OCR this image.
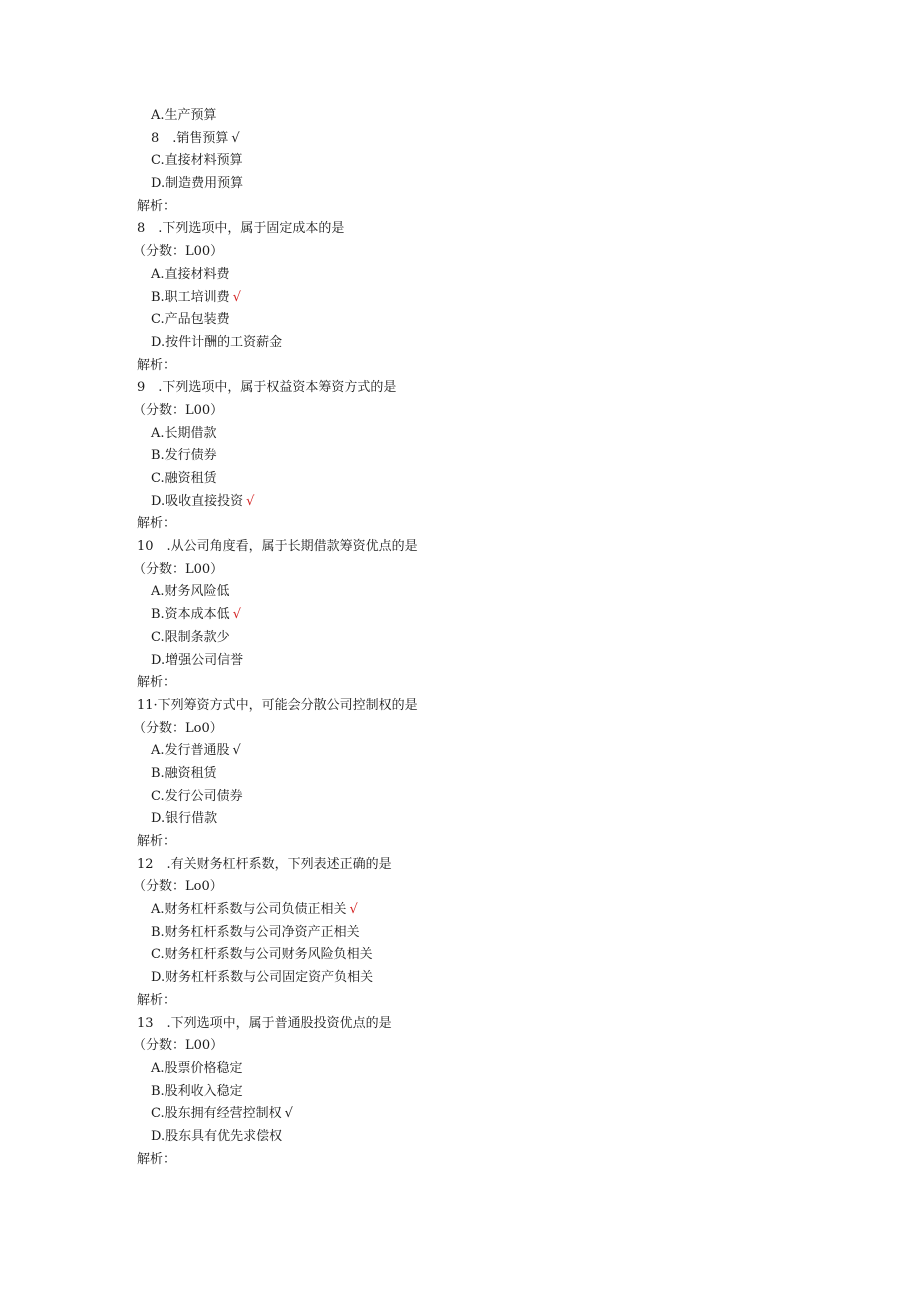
A.生产预算
8　.销售预算 √
C.直接材料预算
D.制造费用预算
解析：
8　.下列选项中，属于固定成本的是
（分数：L00）
A.直接材料费
B.职工培训费 √
C.产品包装费
D.按件计酬的工资薪金
解析：
9　.下列选项中，属于权益资本筹资方式的是
（分数：L00）
A.长期借款
B.发行债券
C.融资租赁
D.吸收直接投资 √
解析：
10　.从公司角度看，属于长期借款筹资优点的是
（分数：L00）
A.财务风险低
B.资本成本低 √
C.限制条款少
D.增强公司信誉
解析：
11·下列筹资方式中，可能会分散公司控制权的是
（分数：Lo0）
A.发行普通股 √
B.融资租赁
C.发行公司债券
D.银行借款
解析：
12　.有关财务杠杆系数，下列表述正确的是
（分数：Lo0）
A.财务杠杆系数与公司负债正相关 √
B.财务杠杆系数与公司净资产正相关
C.财务杠杆系数与公司财务风险负相关
D.财务杠杆系数与公司固定资产负相关
解析：
13　.下列选项中，属于普通股投资优点的是
（分数：L00）
A.股票价格稳定
B.股利收入稳定
C.股东拥有经营控制权 √
D.股东具有优先求偿权
解析：
